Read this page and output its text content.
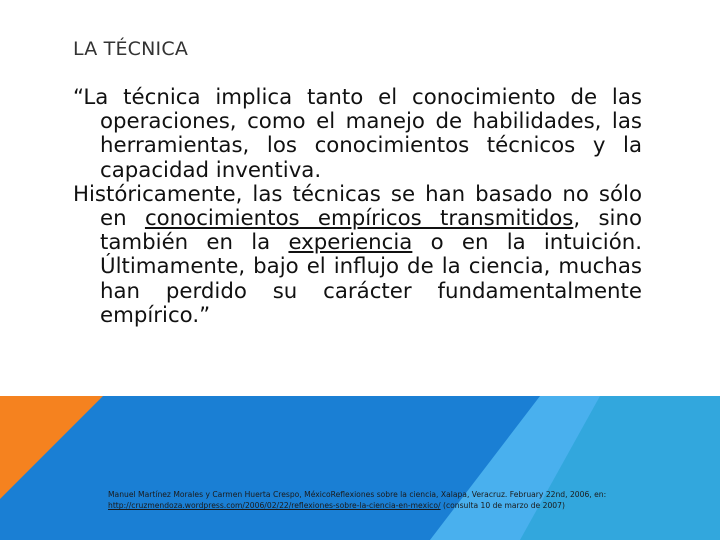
LA TÉCNICA

“La técnica implica tanto el conocimiento de las operaciones, como el manejo de habilidades, las herramientas, los conocimientos técnicos y la capacidad inventiva.

Históricamente, las técnicas se han basado no sólo en conocimientos empíricos transmitidos, sino también en la experiencia o en la intuición. Últimamente, bajo el influjo de la ciencia, muchas han perdido su carácter fundamentalmente empírico.”

Manuel Martínez Morales y Carmen Huerta Crespo, MéxicoReflexiones sobre la ciencia, Xalapa, Veracruz. February 22nd, 2006, en: http://cruzmendoza.wordpress.com/2006/02/22/reflexiones-sobre-la-ciencia-en-mexico/ (consulta 10 de marzo de 2007)
